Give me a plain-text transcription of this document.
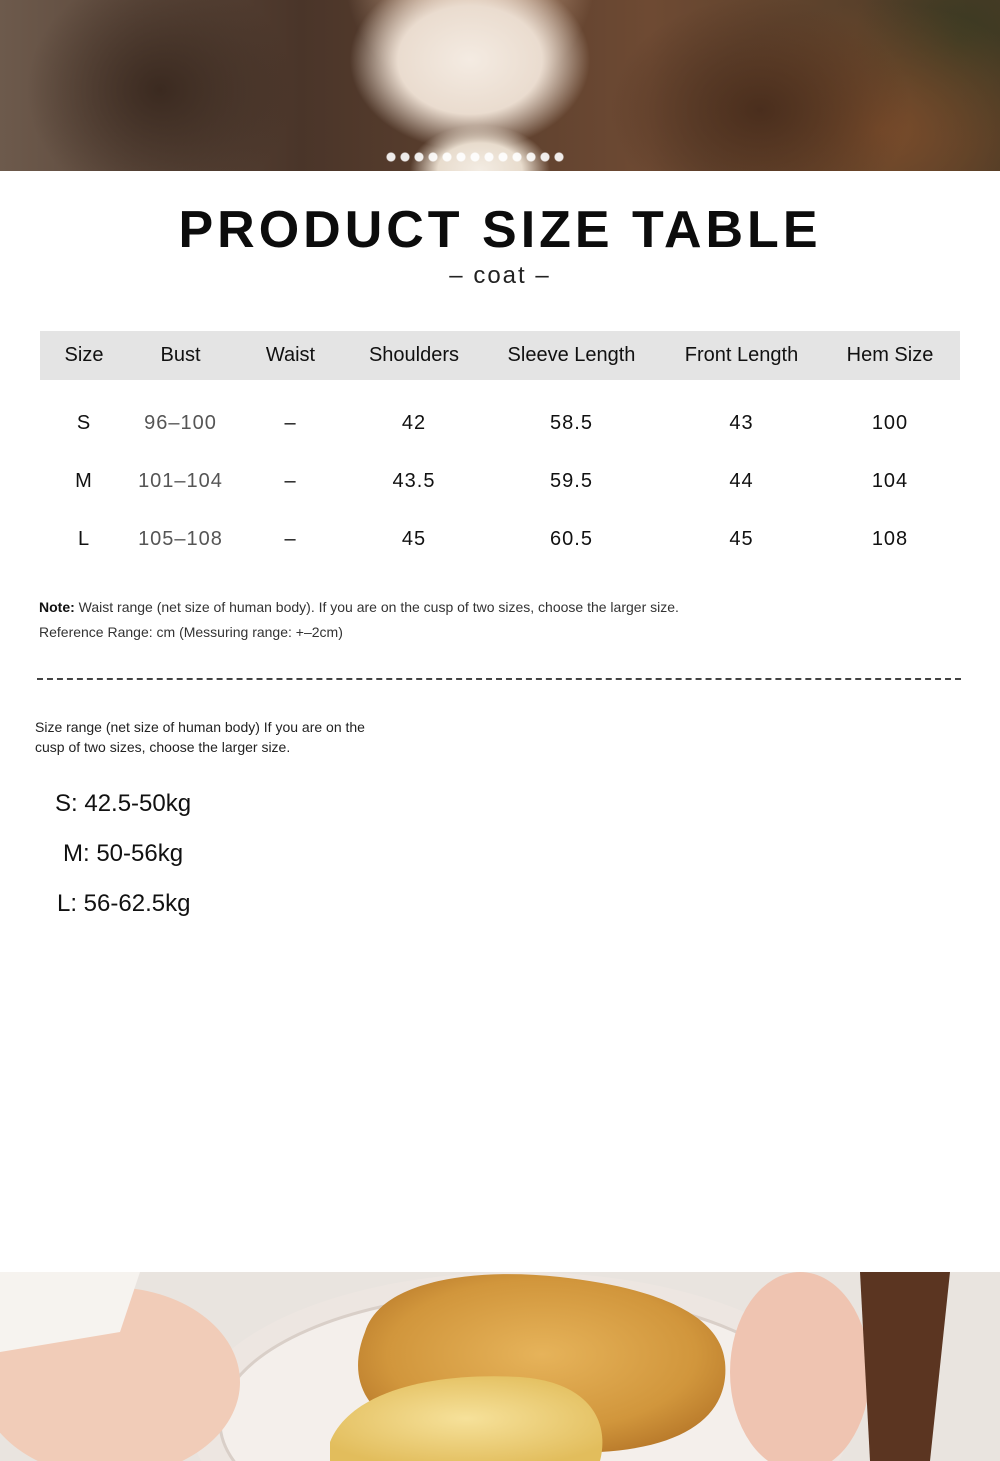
PRODUCT SIZE TABLE
– coat –
Size	Bust	Waist	Shoulders	Sleeve Length	Front Length	Hem Size
S	96–100	–	42	58.5	43	100
M	101–104	–	43.5	59.5	44	104
L	105–108	–	45	60.5	45	108
Note: Waist range (net size of human body). If you are on the cusp of two sizes, choose the larger size.
Reference Range: cm (Messuring range: +–2cm)
Size range (net size of human body) If you are on the cusp of two sizes, choose the larger size.
S: 42.5-50kg
M: 50-56kg
L: 56-62.5kg
